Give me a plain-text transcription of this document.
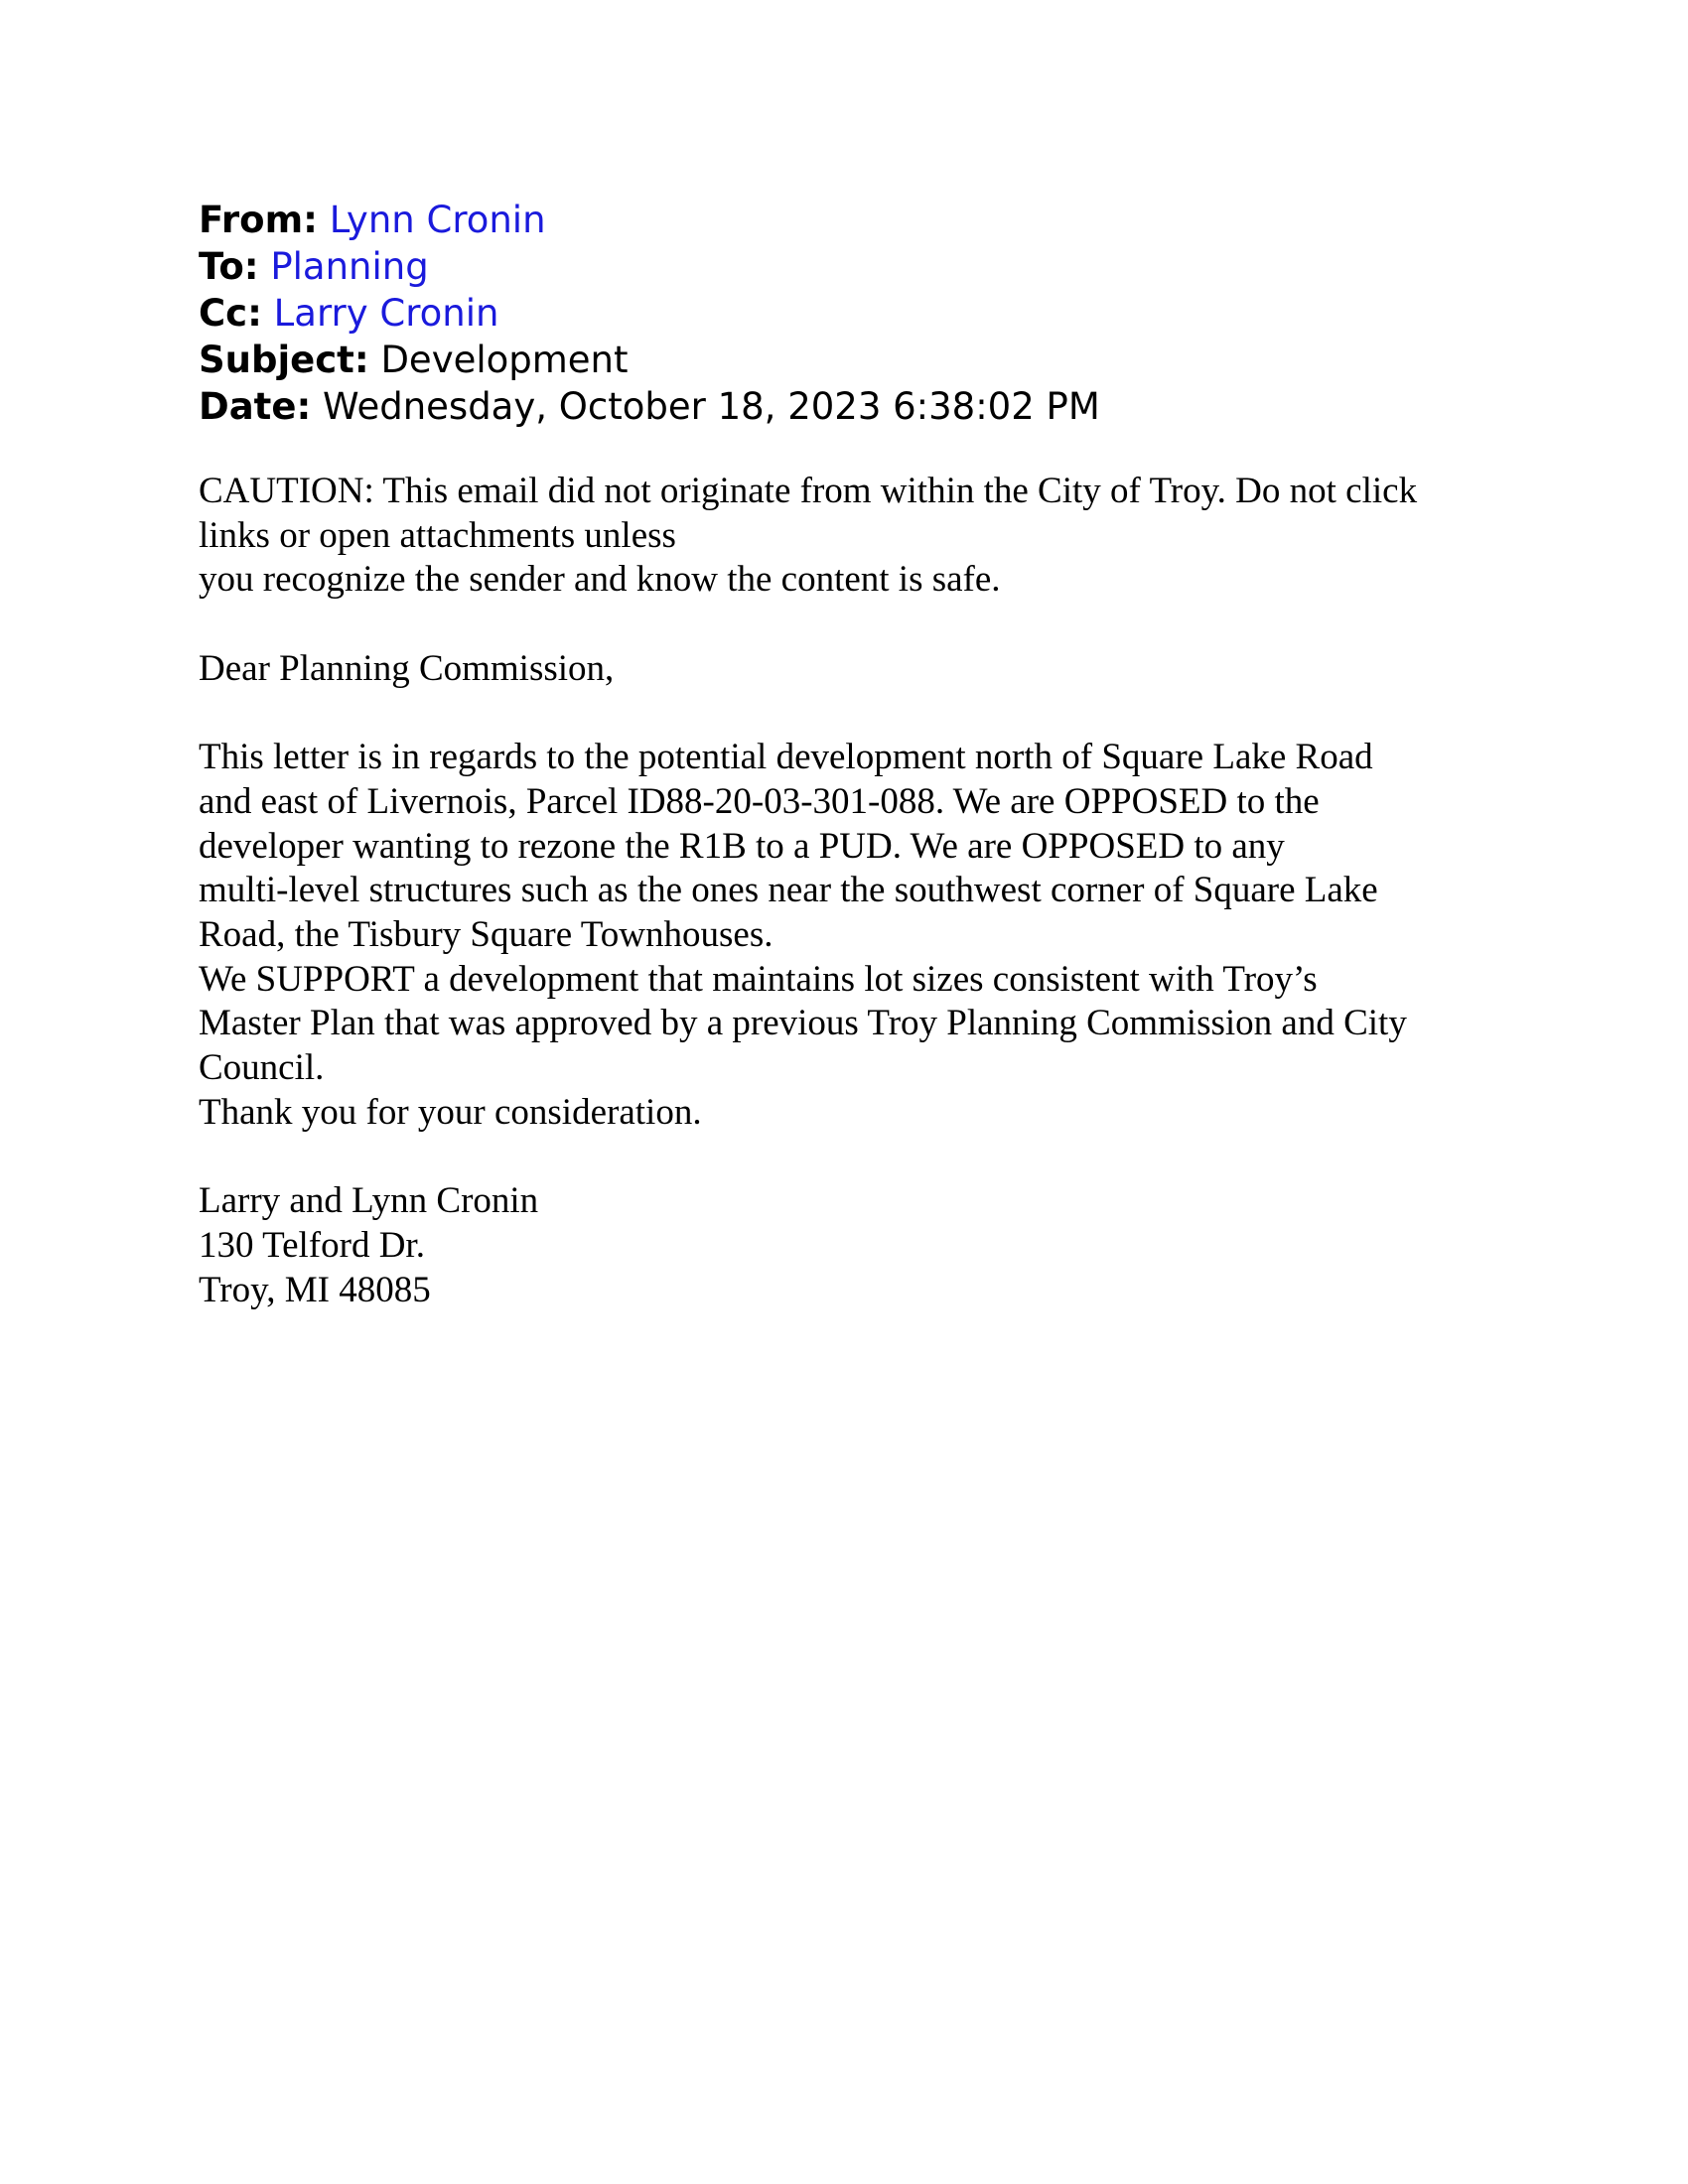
From: Lynn Cronin
To: Planning
Cc: Larry Cronin
Subject: Development
Date: Wednesday, October 18, 2023 6:38:02 PM
CAUTION: This email did not originate from within the City of Troy. Do not click
links or open attachments unless
you recognize the sender and know the content is safe.
Dear Planning Commission,
This letter is in regards to the potential development north of Square Lake Road
and east of Livernois, Parcel ID88-20-03-301-088. We are OPPOSED to the
developer wanting to rezone the R1B to a PUD. We are OPPOSED to any
multi-level structures such as the ones near the southwest corner of Square Lake
Road, the Tisbury Square Townhouses.
We SUPPORT a development that maintains lot sizes consistent with Troy’s
Master Plan that was approved by a previous Troy Planning Commission and City
Council.
Thank you for your consideration.
Larry and Lynn Cronin
130 Telford Dr.
Troy, MI 48085
